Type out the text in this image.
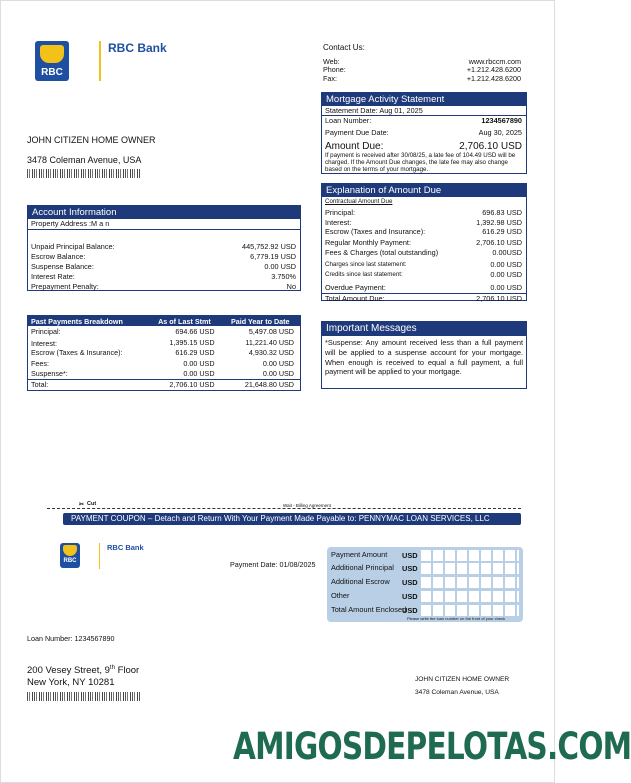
RBC
RBC Bank	Contact Us:
Web:	www.rbccm.com
Phone:	+1.212.428.6200
Fax:	+1.212.428.6200
JOHN CITIZEN HOME OWNER
3478 Coleman Avenue, USA
Mortgage Activity Statement
Statement Date: Aug 01, 2025
Loan Number:	1234567890
Payment Due Date:	Aug 30, 2025
Amount Due:	2,706.10 USD
If payment is received after 30/08/25, a late fee of 104.49 USD will be charged. If the Amount Due changes, the late fee may also change based on the terms of your mortgage.
Account Information
Property Address :M a n
Unpaid Principal Balance:	445,752.92 USD
Escrow Balance:	6,779.19 USD
Suspense Balance:	0.00 USD
Interest Rate:	3.750%
Prepayment Penalty:	No
Explanation of Amount Due
Contractual Amount Due
Principal:	696.83 USD
Interest:	1,392.98 USD
Escrow (Taxes and Insurance):	616.29 USD
Regular Monthly Payment:	2,706.10 USD
Fees & Charges (total outstanding)	0.00USD
Charges since last statement:	0.00 USD
Credits since last statement:	0.00 USD
Overdue Payment:	0.00 USD
Total Amount Due:	2,706.10 USD
Past Payments Breakdown	As of Last Stmt	Paid Year to Date
Principal:	694.66 USD	5,497.08 USD
Interest:	1,395.15 USD	11,221.40 USD
Escrow (Taxes & Insurance):	616.29 USD	4,930.32 USD
Fees:	0.00 USD	0.00 USD
Suspense*:	0.00 USD	0.00 USD
Total:	2,706.10 USD	21,648.80 USD
Important Messages
*Suspense: Any amount received less than a full payment will be applied to a suspense account for your mortgage. When enough is received to equal a full payment, a full payment will be applied to your mortgage.
✂ Cut	Wait - Billing Agreement
PAYMENT COUPON – Detach and Return With Your Payment Made Payable to: PENNYMAC LOAN SERVICES, LLC
RBC
RBC Bank
Payment Date: 01/08/2025
Payment Amount USD
Additional Principal USD
Additional Escrow USD
Other	USD
Total Amount Enclosed
USD
Please write the loan number on the front of your check
Loan Number: 1234567890
200 Vesey Street, 9th Floor
New York, NY 10281	JOHN CITIZEN HOME OWNER
3478 Coleman Avenue, USA
AMIGOSDEPELOTAS.COM
